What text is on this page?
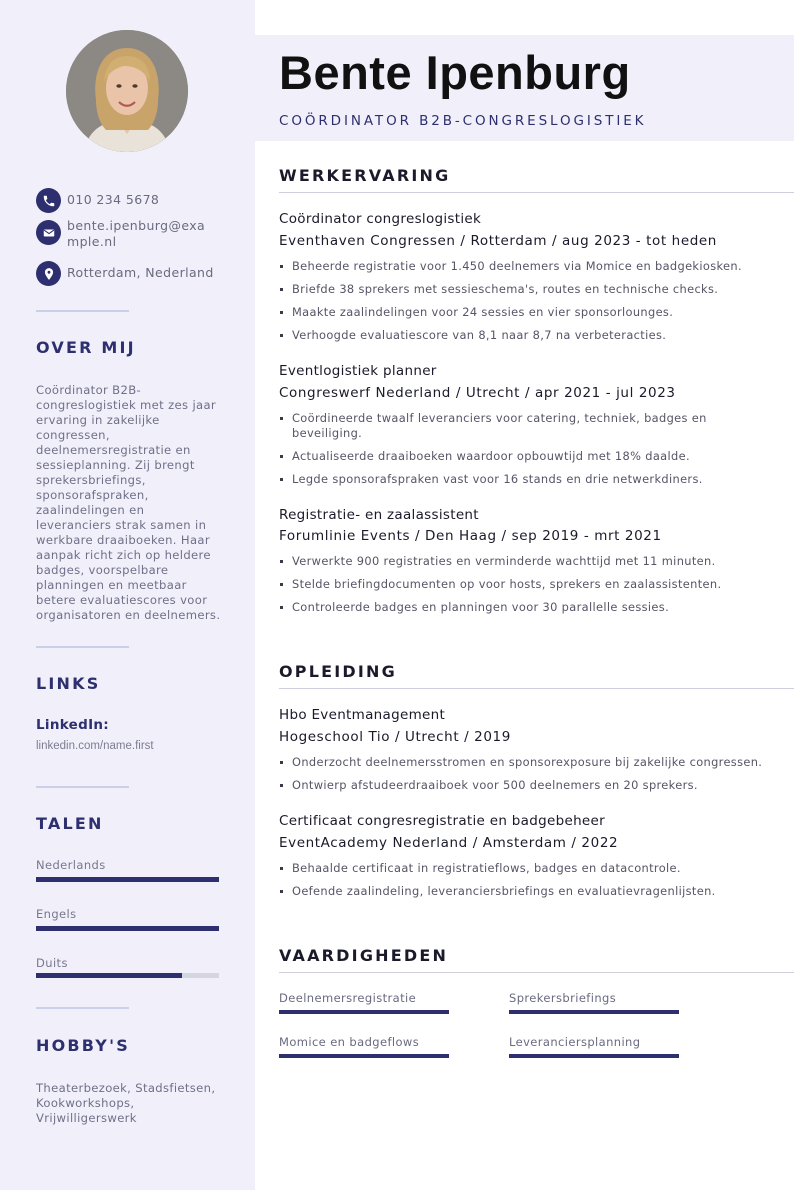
010 234 5678
bente.ipenburg@example.nl
Rotterdam, Nederland
OVER MIJ
Coördinator B2B-congreslogistiek met zes jaar ervaring in zakelijke congressen, deelnemersregistratie en sessieplanning. Zij brengt sprekersbriefings, sponsorafspraken, zaalindelingen en leveranciers strak samen in werkbare draaiboeken. Haar aanpak richt zich op heldere badges, voorspelbare planningen en meetbaar betere evaluatiescores voor organisatoren en deelnemers.
LINKS
LinkedIn:
linkedin.com/name.first
TALEN
Nederlands
Engels
Duits
HOBBY'S
Theaterbezoek, Stadsfietsen, Kookworkshops, Vrijwilligerswerk
Bente Ipenburg
COÖRDINATOR B2B-CONGRESLOGISTIEK
WERKERVARING
Coördinator congreslogistiek
Eventhaven Congressen / Rotterdam / aug 2023 - tot heden
Beheerde registratie voor 1.450 deelnemers via Momice en badgekiosken.
Briefde 38 sprekers met sessieschema's, routes en technische checks.
Maakte zaalindelingen voor 24 sessies en vier sponsorlounges.
Verhoogde evaluatiescore van 8,1 naar 8,7 na verbeteracties.
Eventlogistiek planner
Congreswerf Nederland / Utrecht / apr 2021 - jul 2023
Coördineerde twaalf leveranciers voor catering, techniek, badges en beveiliging.
Actualiseerde draaiboeken waardoor opbouwtijd met 18% daalde.
Legde sponsorafspraken vast voor 16 stands en drie netwerkdiners.
Registratie- en zaalassistent
Forumlinie Events / Den Haag / sep 2019 - mrt 2021
Verwerkte 900 registraties en verminderde wachttijd met 11 minuten.
Stelde briefingdocumenten op voor hosts, sprekers en zaalassistenten.
Controleerde badges en planningen voor 30 parallelle sessies.
OPLEIDING
Hbo Eventmanagement
Hogeschool Tio / Utrecht / 2019
Onderzocht deelnemersstromen en sponsorexposure bij zakelijke congressen.
Ontwierp afstudeerdraaiboek voor 500 deelnemers en 20 sprekers.
Certificaat congresregistratie en badgebeheer
EventAcademy Nederland / Amsterdam / 2022
Behaalde certificaat in registratieflows, badges en datacontrole.
Oefende zaalindeling, leveranciersbriefings en evaluatievragenlijsten.
VAARDIGHEDEN
Deelnemersregistratie	Sprekersbriefings
Momice en badgeflows	Leveranciersplanning
